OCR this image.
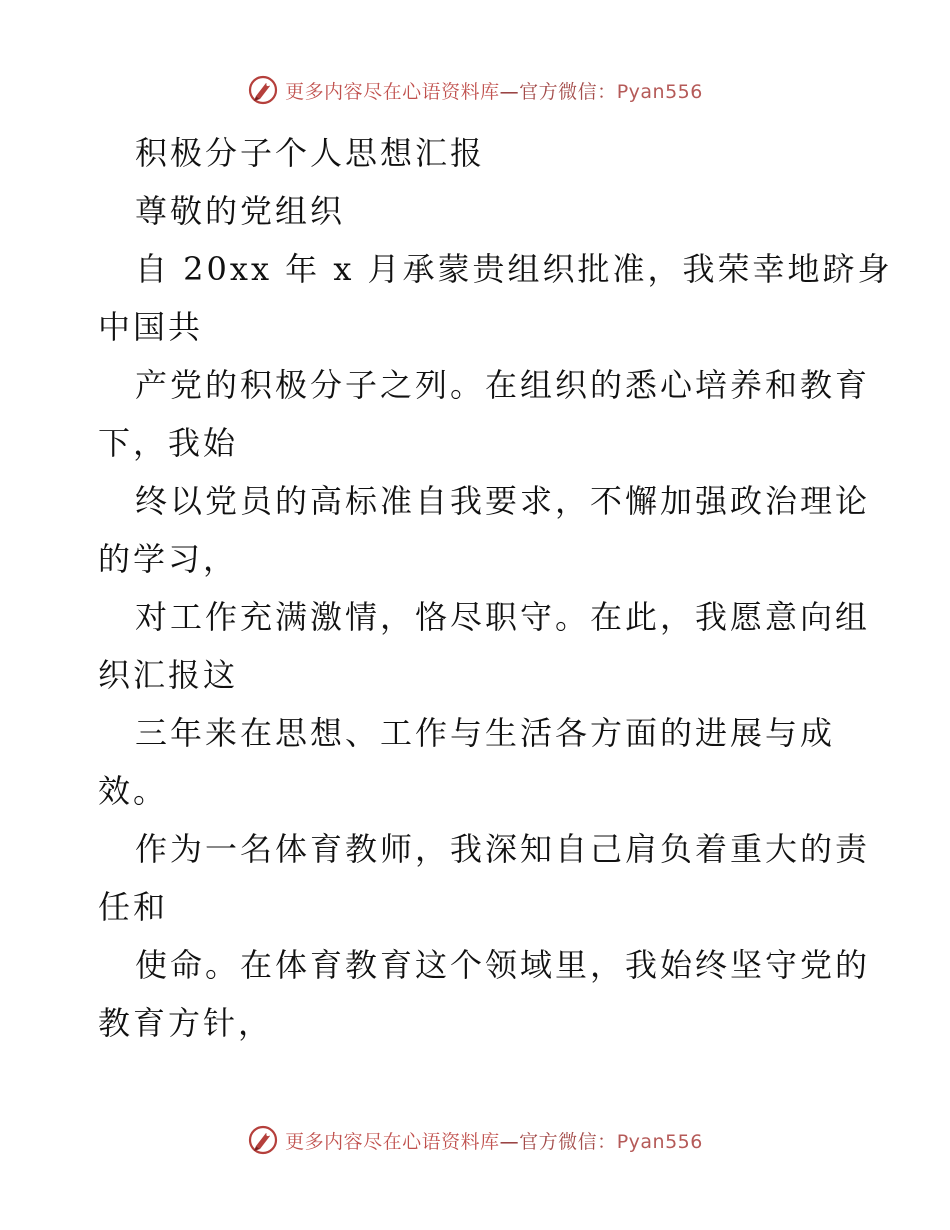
更多内容尽在心语资料库—官方微信：Pyan556

积极分子个人思想汇报

尊敬的党组织

自 20xx 年 x 月承蒙贵组织批准，我荣幸地跻身

中国共

产党的积极分子之列。在组织的悉心培养和教育

下，我始

终以党员的高标准自我要求，不懈加强政治理论

的学习，

对工作充满激情，恪尽职守。在此，我愿意向组

织汇报这

三年来在思想、工作与生活各方面的进展与成

效。

作为一名体育教师，我深知自己肩负着重大的责

任和

使命。在体育教育这个领域里，我始终坚守党的

教育方针，

更多内容尽在心语资料库—官方微信：Pyan556
